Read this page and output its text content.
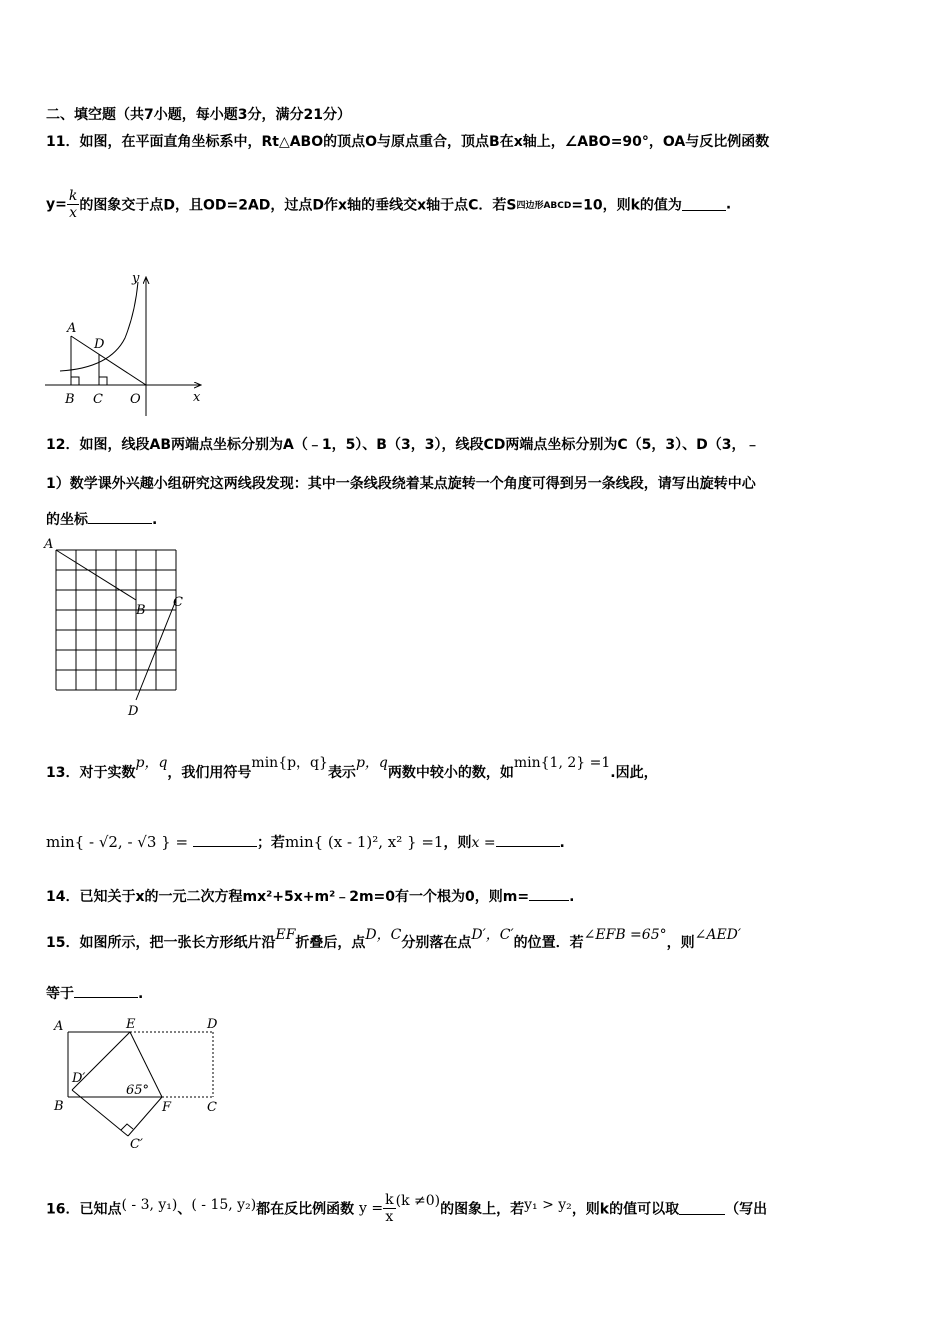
二、填空题（共7小题，每小题3分，满分21分）
11．如图，在平面直角坐标系中，Rt△ABO的顶点O与原点重合，顶点B在x轴上，∠ABO=90°，OA与反比例函数
$y= \frac{k}{x}$ 的图象交于点D，且OD=2AD，过点D作x轴的垂线交x轴于点C．若S四边形ABCD=10，则k的值为	.
y
x
A
D
B C O
12．如图，线段AB两端点坐标分别为A（﹣1，5）、B（3，3），线段CD两端点坐标分别为C（5，3）、D（3，﹣
1）数学课外兴趣小组研究这两线段发现：其中一条线段绕着某点旋转一个角度可得到另一条线段，请写出旋转中心
的坐标	.
A
B
C
D
13．对于实数p，q，我们用符号min{p，q}表示p，q两数中较小的数，如min{1, 2} =1.因此，
min{ - √2, - √3 } =	；若min{ (x - 1)², x² } =1，则x =	.
14．已知关于x的一元二次方程mx²+5x+m²﹣2m=0有一个根为0，则m=	.
15．如图所示，把一张长方形纸片沿EF折叠后，点D，C分别落在点D′，C′的位置．若∠EFB =65°，则∠AED′
等于	.
A	E	D
D′
65°
B	F	C
C′
16．已知点( - 3, y₁)、( - 15, y₂)都在反比例函数 $y = \frac{k}{x} (k \ne 0)$的图象上，若y₁ > y₂，则k的值可以取	（写出
